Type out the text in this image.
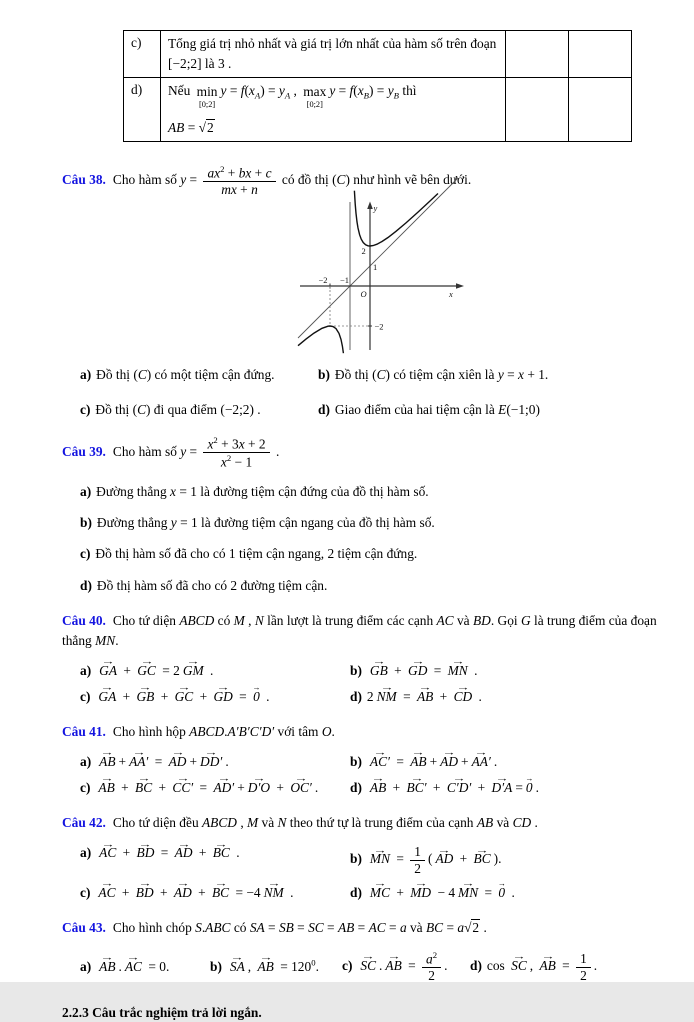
c)	Tổng giá trị nhỏ nhất và giá trị lớn nhất của hàm số trên đoạn [−2;2] là 3 .		
d)	Nếu min
[0;2]
$y = f(x_A) = y_A$ , max
[0;2]
$y = f(x_B) = y_B$ thì
AB = √2

Câu 38. Cho hàm số $y = \frac{ax^2 + bx + c}{mx + n}$ có đồ thị (C) như hình vẽ bên dưới.
y
x
O
−2 −1
1
2
−2
a) Đồ thị (C) có một tiệm cận đứng.	b) Đồ thị (C) có tiệm cận xiên là y = x + 1.
c) Đồ thị (C) đi qua điểm (−2;2) .	d) Giao điểm của hai tiệm cận là E(−1;0)
Câu 39. Cho hàm số $y = \frac{x^2 + 3x + 2}{x^2 - 1}$ .
a) Đường thẳng x = 1 là đường tiệm cận đứng của đồ thị hàm số.
b) Đường thẳng y = 1 là đường tiệm cận ngang của đồ thị hàm số.
c) Đồ thị hàm số đã cho có 1 tiệm cận ngang, 2 tiệm cận đứng.
d) Đồ thị hàm số đã cho có 2 đường tiệm cận.
Câu 40. Cho tứ diện ABCD có M , N lần lượt là trung điểm các cạnh AC và BD. Gọi G là trung điểm của đoạn thẳng MN.
a) GA → + GC → = 2 GM → .	b) GB → + GD → = MN → .
c) GA → + GB → + GC → + GD → = 0 → .	d) 2 NM → = AB → + CD → .
Câu 41. Cho hình hộp ABCD.A′B′C′D′ với tâm O.
a) AB → + AA′ → = AD → + DD′ → .	b) AC′ → = AB → + AD → + AA′ → .
c) AB → + BC → + CC′ → = AD′ → + D′O → + OC′ → .	d) AB → + BC′ → + C′D′ → + D′A → = 0 → .
Câu 42. Cho tứ diện đều ABCD , M và N theo thứ tự là trung điểm của cạnh AB và CD .
a) AC → + BD → = AD → + BC → .	b) MN → = $\frac{1}{2}$ ( AD → + BC → ).
c) AC → + BD → + AD → + BC → = −4 NM → .	d) MC → + MD → − 4 MN → = 0 → .
Câu 43. Cho hình chóp S.ABC có SA = SB = SC = AB = AC = a và BC = a√2 .
a) AB → . AC → = 0.	b) SA → , AB → = $120^0$.	c) SC → . AB → = $\frac{a^2}{2}$ .	d) cos SC → , AB → = $\frac{1}{2}$ .
2.2.3 Câu trắc nghiệm trả lời ngắn.
